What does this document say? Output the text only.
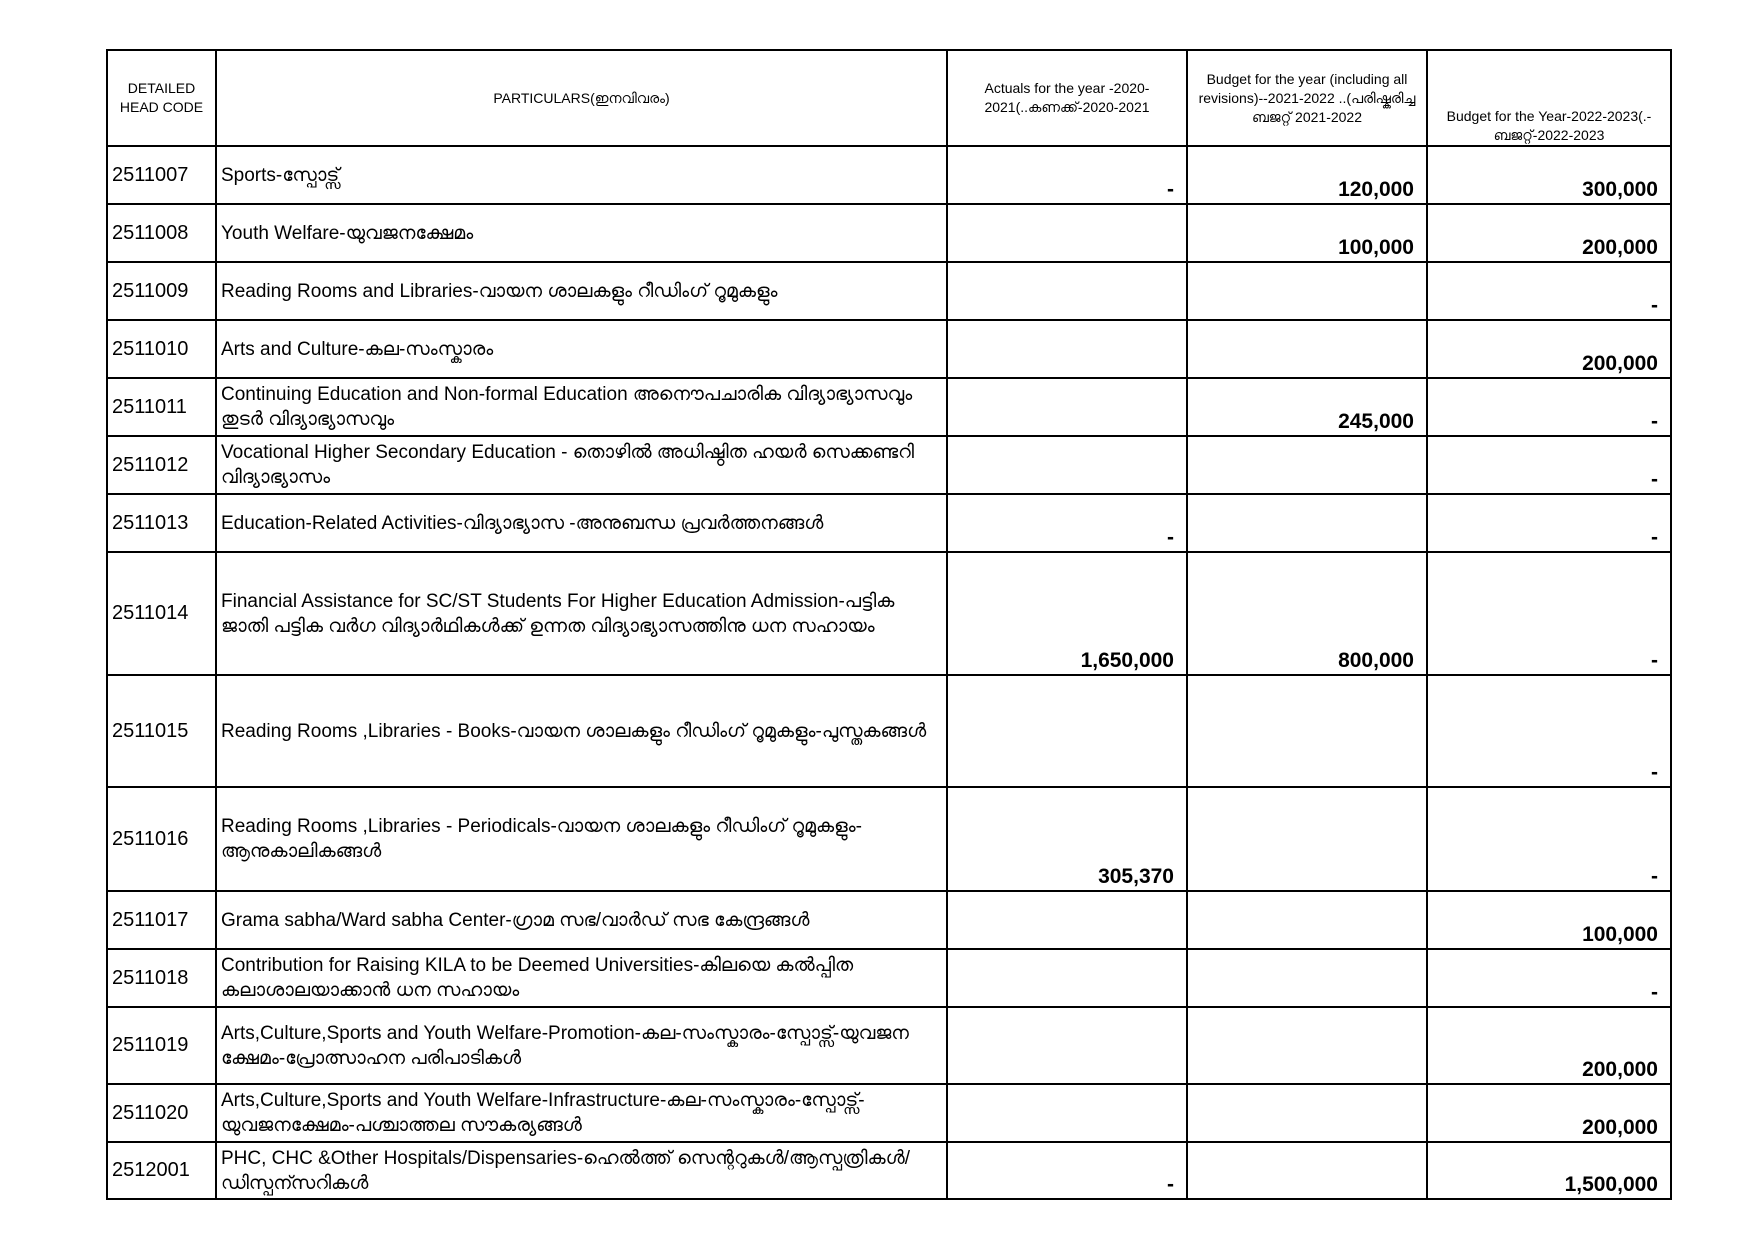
DETAILED HEAD CODE	PARTICULARS(ഇനവിവരം)	Actuals for the year -2020-2021(..കണക്ക്-2020-2021	Budget for the year (including all revisions)--2021-2022 ..(പരിഷ്കരിച്ച ബജറ്റ് 2021-2022	Budget for the Year-2022-2023(.-ബജറ്റ്-2022-2023
2511007	Sports-സ്പോട്സ്	-	120,000	300,000
2511008	Youth Welfare-യുവജനക്ഷേമം		100,000	200,000
2511009	Reading Rooms and Libraries-വായന ശാലകളും റീഡിംഗ് റൂമുകളും			-
2511010	Arts and Culture-കല-സംസ്കാരം			200,000
2511011	Continuing Education and Non-formal Education അനൌപചാരിക വിദ്യാഭ്യാസവും തുടർ വിദ്യാഭ്യാസവും		245,000	-
2511012	Vocational Higher Secondary Education - തൊഴിൽ അധിഷ്ഠിത ഹയർ സെക്കണ്ടറി വിദ്യാഭ്യാസം			-
2511013	Education-Related Activities-വിദ്യാഭ്യാസ -അനുബന്ധ പ്രവർത്തനങ്ങൾ	-		-
2511014	Financial Assistance for SC/ST Students For Higher Education Admission-പട്ടിക ജാതി പട്ടിക വർഗ വിദ്യാർഥികൾക്ക് ഉന്നത വിദ്യാഭ്യാസത്തിനു ധന സഹായം	1,650,000	800,000	-
2511015	Reading Rooms ,Libraries - Books-വായന ശാലകളും റീഡിംഗ് റൂമുകളും-പുസ്തകങ്ങൾ			-
2511016	Reading Rooms ,Libraries - Periodicals-വായന ശാലകളും റീഡിംഗ് റൂമുകളും-ആനുകാലികങ്ങൾ	305,370		-
2511017	Grama sabha/Ward sabha Center-ഗ്രാമ സഭ/വാർഡ് സഭ കേന്ദ്രങ്ങൾ			100,000
2511018	Contribution for Raising KILA to be Deemed Universities-കിലയെ കൽപ്പിത കലാശാലയാക്കാൻ ധന സഹായം			-
2511019	Arts,Culture,Sports and Youth Welfare-Promotion-കല-സംസ്കാരം-സ്പോട്സ്-യുവജന ക്ഷേമം-പ്രോത്സാഹന പരിപാടികൾ			200,000
2511020	Arts,Culture,Sports and Youth Welfare-Infrastructure-കല-സംസ്കാരം-സ്പോട്സ്-യുവജനക്ഷേമം-പശ്ചാത്തല സൗകര്യങ്ങൾ			200,000
2512001	PHC, CHC &Other Hospitals/Dispensaries-ഹെൽത്ത് സെന്ററുകൾ/ആസ്പത്രികൾ/ഡിസ്പന്സറികൾ	-		1,500,000
